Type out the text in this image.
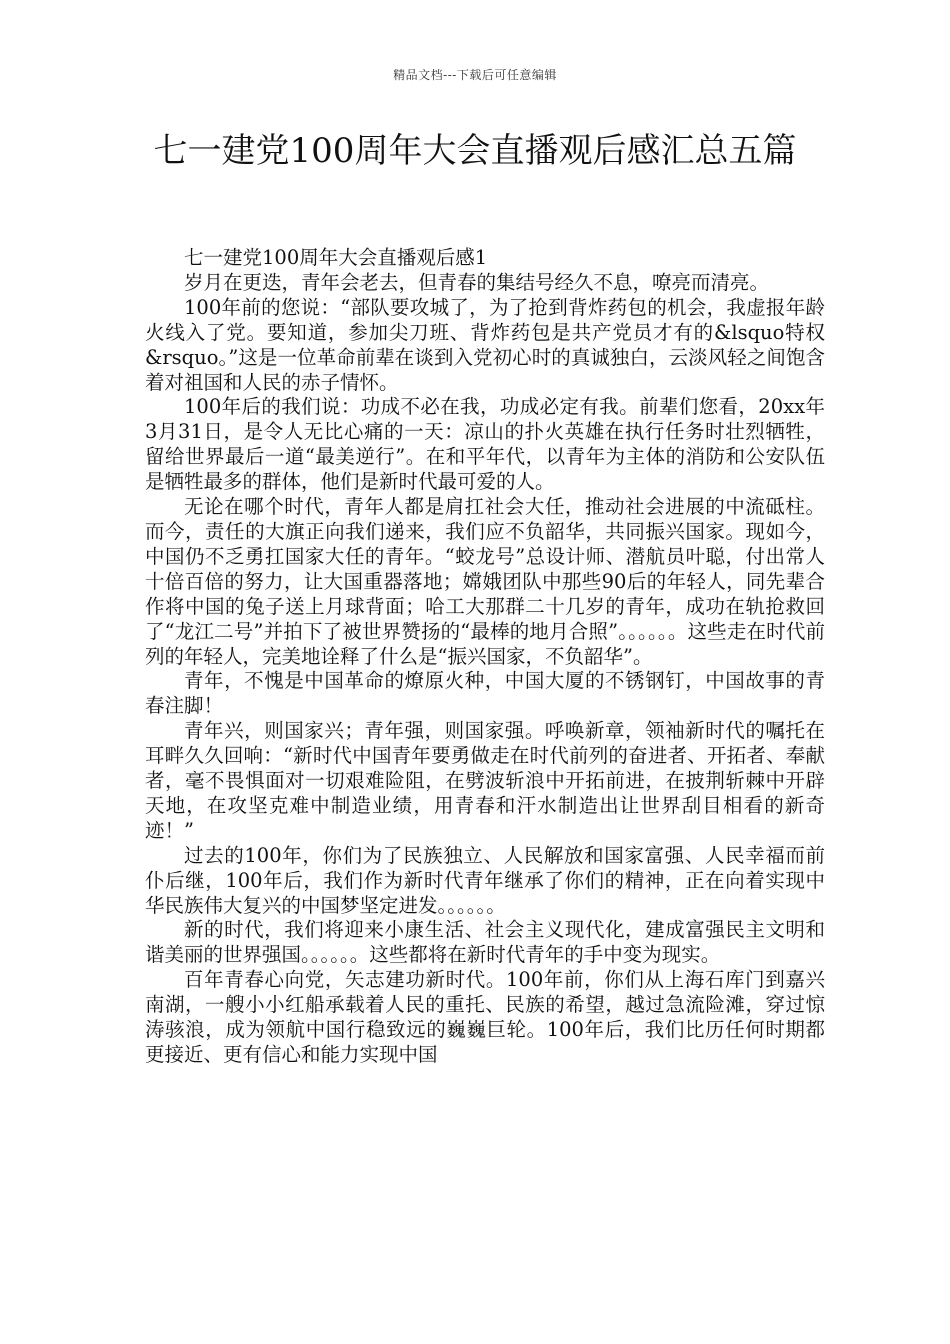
精品文档---下载后可任意编辑
七一建党100周年大会直播观后感汇总五篇

七一建党100周年大会直播观后感1

岁月在更迭，青年会老去，但青春的集结号经久不息，嘹亮而清亮。

100年前的您说：“部队要攻城了，为了抢到背炸药包的机会，我虚报年龄火线入了党。要知道，参加尖刀班、背炸药包是共产党员才有的&lsquo特权&rsquo。”这是一位革命前辈在谈到入党初心时的真诚独白，云淡风轻之间饱含着对祖国和人民的赤子情怀。

100年后的我们说：功成不必在我，功成必定有我。前辈们您看，20xx年3月31日，是令人无比心痛的一天：凉山的扑火英雄在执行任务时壮烈牺牲，留给世界最后一道“最美逆行”。在和平年代，以青年为主体的消防和公安队伍是牺牲最多的群体，他们是新时代最可爱的人。

无论在哪个时代，青年人都是肩扛社会大任，推动社会进展的中流砥柱。而今，责任的大旗正向我们递来，我们应不负韶华，共同振兴国家。现如今，中国仍不乏勇扛国家大任的青年。“蛟龙号”总设计师、潜航员叶聪，付出常人十倍百倍的努力，让大国重器落地；嫦娥团队中那些90后的年轻人，同先辈合作将中国的兔子送上月球背面；哈工大那群二十几岁的青年，成功在轨抢救回了“龙江二号”并拍下了被世界赞扬的“最棒的地月合照”。。。。。。这些走在时代前列的年轻人，完美地诠释了什么是“振兴国家，不负韶华”。

青年，不愧是中国革命的燎原火种，中国大厦的不锈钢钉，中国故事的青春注脚！

青年兴，则国家兴；青年强，则国家强。呼唤新章，领袖新时代的嘱托在耳畔久久回响：“新时代中国青年要勇做走在时代前列的奋进者、开拓者、奉献者，毫不畏惧面对一切艰难险阻，在劈波斩浪中开拓前进，在披荆斩棘中开辟天地，在攻坚克难中制造业绩，用青春和汗水制造出让世界刮目相看的新奇迹！”

过去的100年，你们为了民族独立、人民解放和国家富强、人民幸福而前仆后继，100年后，我们作为新时代青年继承了你们的精神，正在向着实现中华民族伟大复兴的中国梦坚定进发。。。。。。

新的时代，我们将迎来小康生活、社会主义现代化，建成富强民主文明和谐美丽的世界强国。。。。。。这些都将在新时代青年的手中变为现实。

百年青春心向党，矢志建功新时代。100年前，你们从上海石库门到嘉兴南湖，一艘小小红船承载着人民的重托、民族的希望，越过急流险滩，穿过惊涛骇浪，成为领航中国行稳致远的巍巍巨轮。100年后，我们比历任何时期都更接近、更有信心和能力实现中国
